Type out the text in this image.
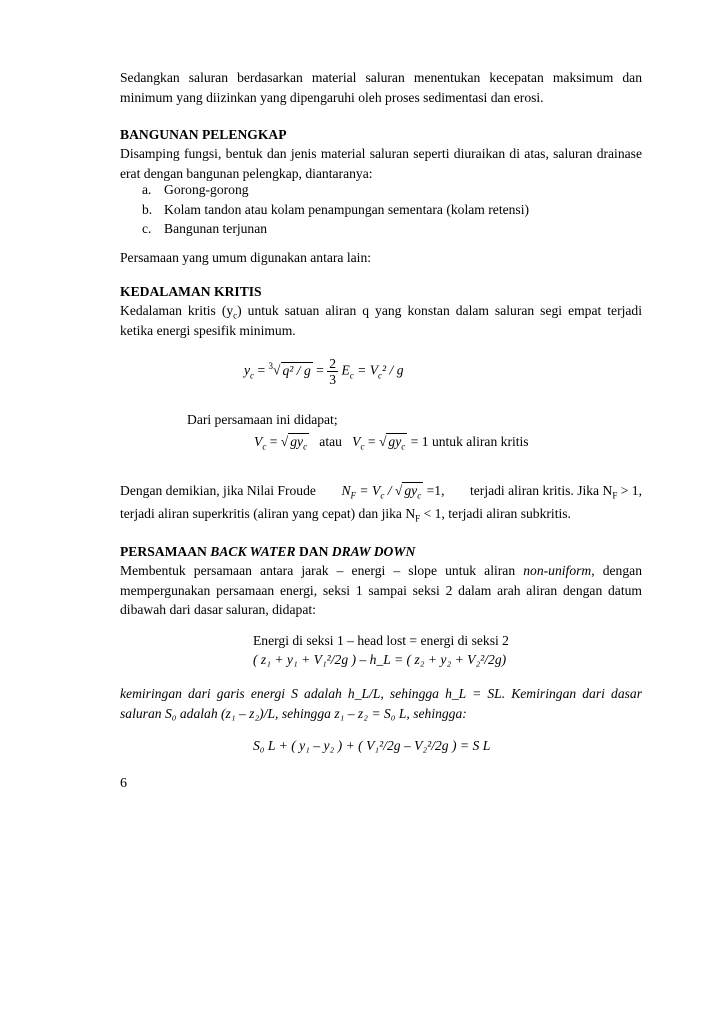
Sedangkan saluran berdasarkan material saluran menentukan kecepatan maksimum dan minimum yang diizinkan yang dipengaruhi oleh proses sedimentasi dan erosi.

BANGUNAN PELENGKAP

Disamping fungsi, bentuk dan jenis material saluran seperti diuraikan di atas, saluran drainase erat dengan bangunan pelengkap, diantaranya:

a. Gorong-gorong
b. Kolam tandon atau kolam penampungan sementara (kolam retensi)
c. Bangunan terjunan

Persamaan yang umum digunakan antara lain:

KEDALAMAN KRITIS

Kedalaman kritis $(y_c)$ untuk satuan aliran q yang konstan dalam saluran segi empat terjadi ketika energi spesifik minimum.

$y_c = ^3√$ $q^2 / g = \frac{2}{3} E_c = V_c^2 / g$
Dari persamaan ini didapat;
$V_c$ = √ $gy_c$ atau $V_c$ = √ $gy_c = 1$ untuk aliran kritis

Dengan demikian, jika Nilai Froude $N_F = V_c$ / √ $gy_c =1$, terjadi aliran kritis. Jika $N_F > 1$,

terjadi aliran superkritis (aliran yang cepat) dan jika $N_F < 1$, terjadi aliran subkritis.

PERSAMAAN BACK WATER DAN DRAW DOWN

Membentuk persamaan antara jarak – energi – slope untuk aliran non-uniform, dengan mempergunakan persamaan energi, seksi 1 sampai seksi 2 dalam arah aliran dengan datum dibawah dari dasar saluran, didapat:

Energi di seksi 1 – head lost = energi di seksi 2
( z₁ + y₁ + V₁²/2g ) – h_L = ( z₂ + y₂ + V₂²/2g)

kemiringan dari garis energi S adalah h_L/L, sehingga h_L = SL. Kemiringan dari dasar saluran S₀ adalah (z₁ – z₂)/L, sehingga z₁ – z₂ = S₀ L, sehingga:

S₀ L + ( y₁ – y₂ ) + ( V₁²/2g – V₂²/2g ) = S L
6
